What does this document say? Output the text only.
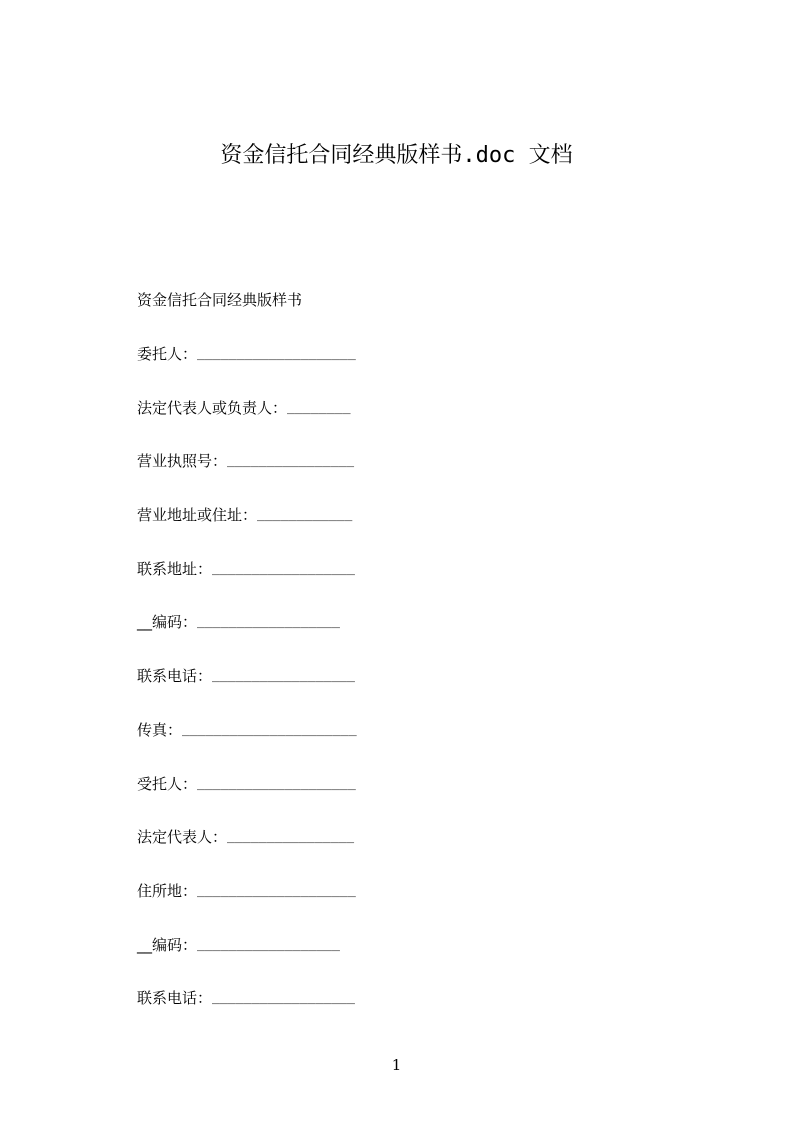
资金信托合同经典版样书.doc 文档
资金信托合同经典版样书
委托人： ____________________
法定代表人或负责人： ________
营业执照号： ________________
营业地址或住址： ____________
联系地址： __________________
__编码： __________________
联系电话： __________________
传真： ______________________
受托人： ____________________
法定代表人： ________________
住所地： ____________________
__编码： __________________
联系电话： __________________
1
